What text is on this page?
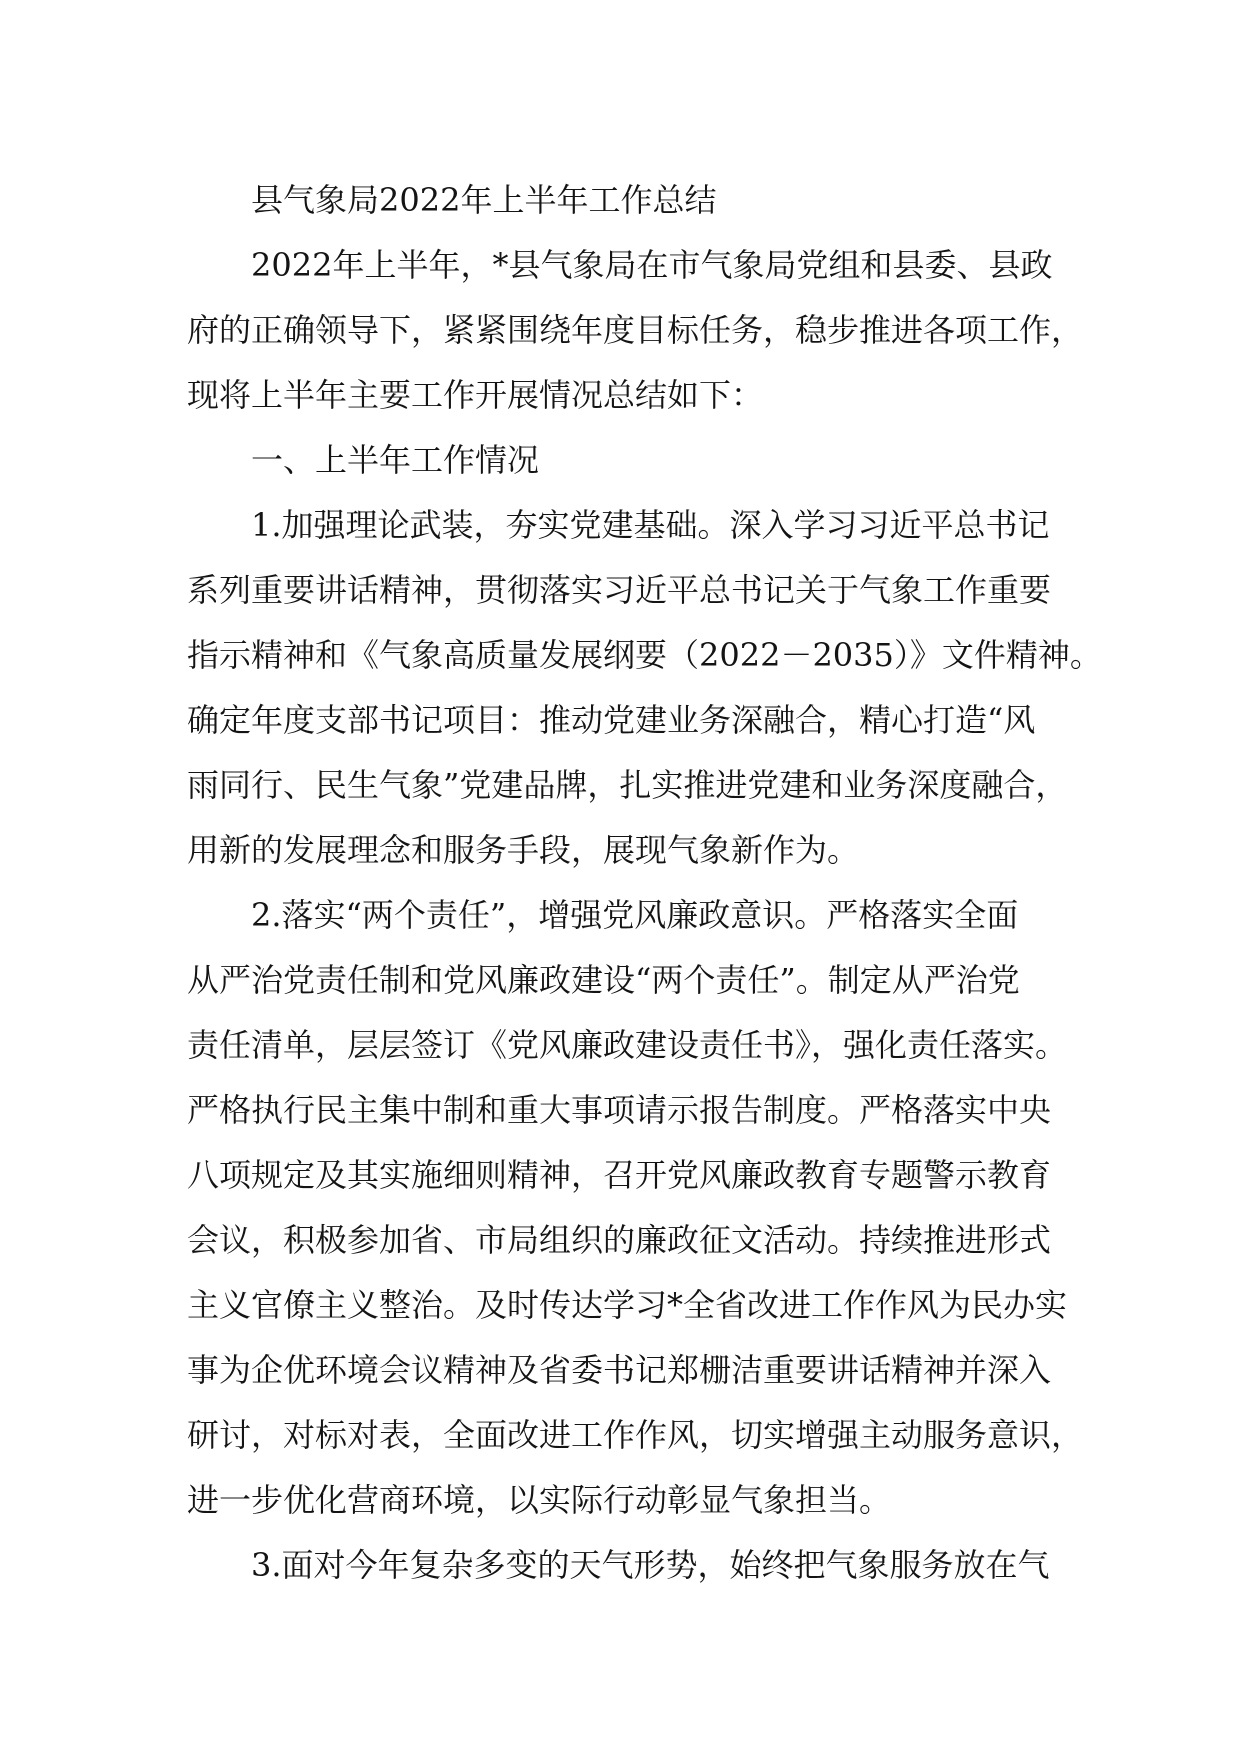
县气象局2022年上半年工作总结
2022年上半年，*县气象局在市气象局党组和县委、县政
府的正确领导下，紧紧围绕年度目标任务，稳步推进各项工作，
现将上半年主要工作开展情况总结如下：
一、上半年工作情况
1.加强理论武装，夯实党建基础。深入学习习近平总书记
系列重要讲话精神，贯彻落实习近平总书记关于气象工作重要
指示精神和《气象高质量发展纲要（2022－2035）》文件精神。
确定年度支部书记项目：推动党建业务深融合，精心打造“风
雨同行、民生气象”党建品牌，扎实推进党建和业务深度融合，
用新的发展理念和服务手段，展现气象新作为。
2.落实“两个责任”，增强党风廉政意识。严格落实全面
从严治党责任制和党风廉政建设“两个责任”。制定从严治党
责任清单，层层签订《党风廉政建设责任书》，强化责任落实。
严格执行民主集中制和重大事项请示报告制度。严格落实中央
八项规定及其实施细则精神，召开党风廉政教育专题警示教育
会议，积极参加省、市局组织的廉政征文活动。持续推进形式
主义官僚主义整治。及时传达学习*全省改进工作作风为民办实
事为企优环境会议精神及省委书记郑栅洁重要讲话精神并深入
研讨，对标对表，全面改进工作作风，切实增强主动服务意识，
进一步优化营商环境，以实际行动彰显气象担当。
3.面对今年复杂多变的天气形势，始终把气象服务放在气
